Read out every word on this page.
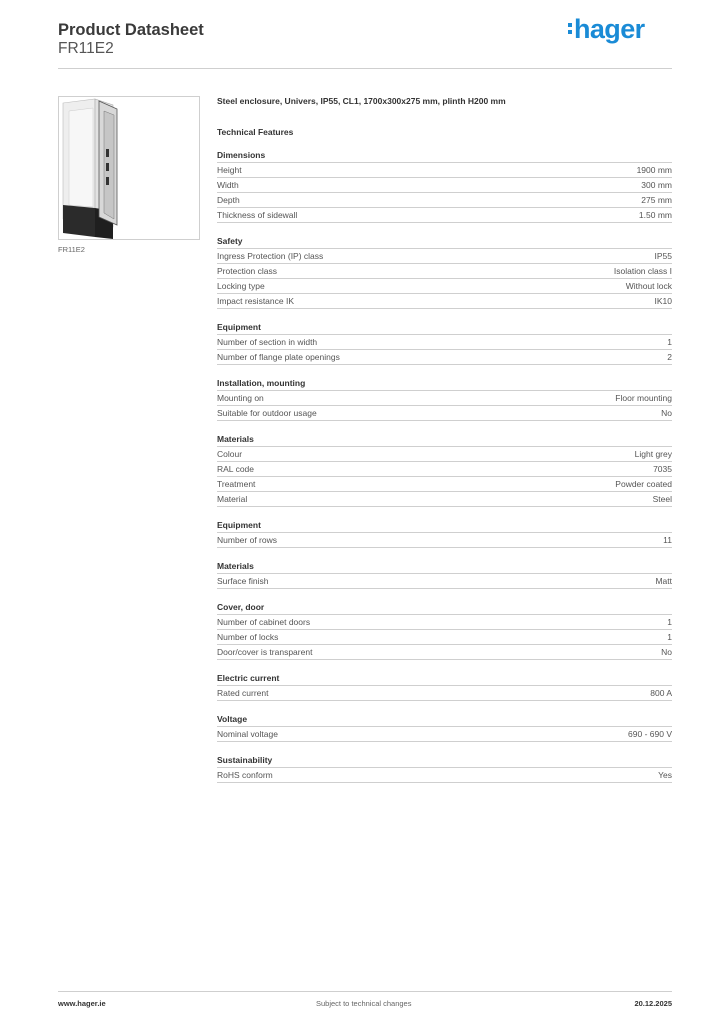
Product Datasheet
FR11E2
hager
FR11E2
Steel enclosure, Univers, IP55, CL1, 1700x300x275 mm, plinth H200 mm
Technical Features
Dimensions
Height	1900 mm
Width	300 mm
Depth	275 mm
Thickness of sidewall	1.50 mm
Safety
Ingress Protection (IP) class	IP55
Protection class	Isolation class I
Locking type	Without lock
Impact resistance IK	IK10
Equipment
Number of section in width	1
Number of flange plate openings	2
Installation, mounting
Mounting on	Floor mounting
Suitable for outdoor usage	No
Materials
Colour	Light grey
RAL code	7035
Treatment	Powder coated
Material	Steel
Equipment
Number of rows	11
Materials
Surface finish	Matt
Cover, door
Number of cabinet doors	1
Number of locks	1
Door/cover is transparent	No
Electric current
Rated current	800 A
Voltage
Nominal voltage	690 - 690 V
Sustainability
RoHS conform	Yes
www.hager.ie	Subject to technical changes	20.12.2025
